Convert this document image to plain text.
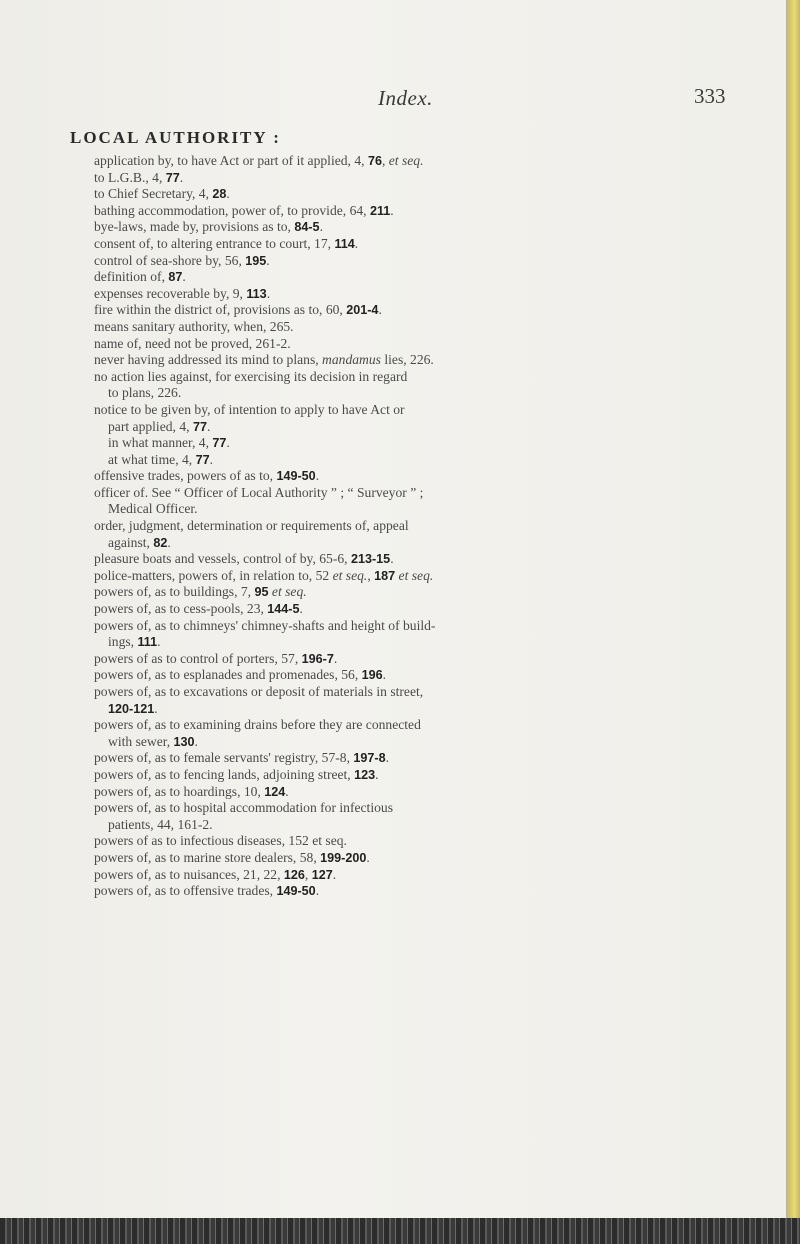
Index.	333
LOCAL AUTHORITY :
application by, to have Act or part of it applied, 4, 76, et seq.
to L.G.B., 4, 77.
to Chief Secretary, 4, 28.
bathing accommodation, power of, to provide, 64, 211.
bye-laws, made by, provisions as to, 84-5.
consent of, to altering entrance to court, 17, 114.
control of sea-shore by, 56, 195.
definition of, 87.
expenses recoverable by, 9, 113.
fire within the district of, provisions as to, 60, 201-4.
means sanitary authority, when, 265.
name of, need not be proved, 261-2.
never having addressed its mind to plans, mandamus lies, 226.
no action lies against, for exercising its decision in regard
to plans, 226.
notice to be given by, of intention to apply to have Act or
part applied, 4, 77.
in what manner, 4, 77.
at what time, 4, 77.
offensive trades, powers of as to, 149-50.
officer of. See “ Officer of Local Authority ” ; “ Surveyor ” ;
Medical Officer.
order, judgment, determination or requirements of, appeal
against, 82.
pleasure boats and vessels, control of by, 65-6, 213-15.
police-matters, powers of, in relation to, 52 et seq., 187 et seq.
powers of, as to buildings, 7, 95 et seq.
powers of, as to cess-pools, 23, 144-5.
powers of, as to chimneys' chimney-shafts and height of build-
ings, 111.
powers of as to control of porters, 57, 196-7.
powers of, as to esplanades and promenades, 56, 196.
powers of, as to excavations or deposit of materials in street,
120-121.
powers of, as to examining drains before they are connected
with sewer, 130.
powers of, as to female servants' registry, 57-8, 197-8.
powers of, as to fencing lands, adjoining street, 123.
powers of, as to hoardings, 10, 124.
powers of, as to hospital accommodation for infectious
patients, 44, 161-2.
powers of as to infectious diseases, 152 et seq.
powers of, as to marine store dealers, 58, 199-200.
powers of, as to nuisances, 21, 22, 126, 127.
powers of, as to offensive trades, 149-50.
